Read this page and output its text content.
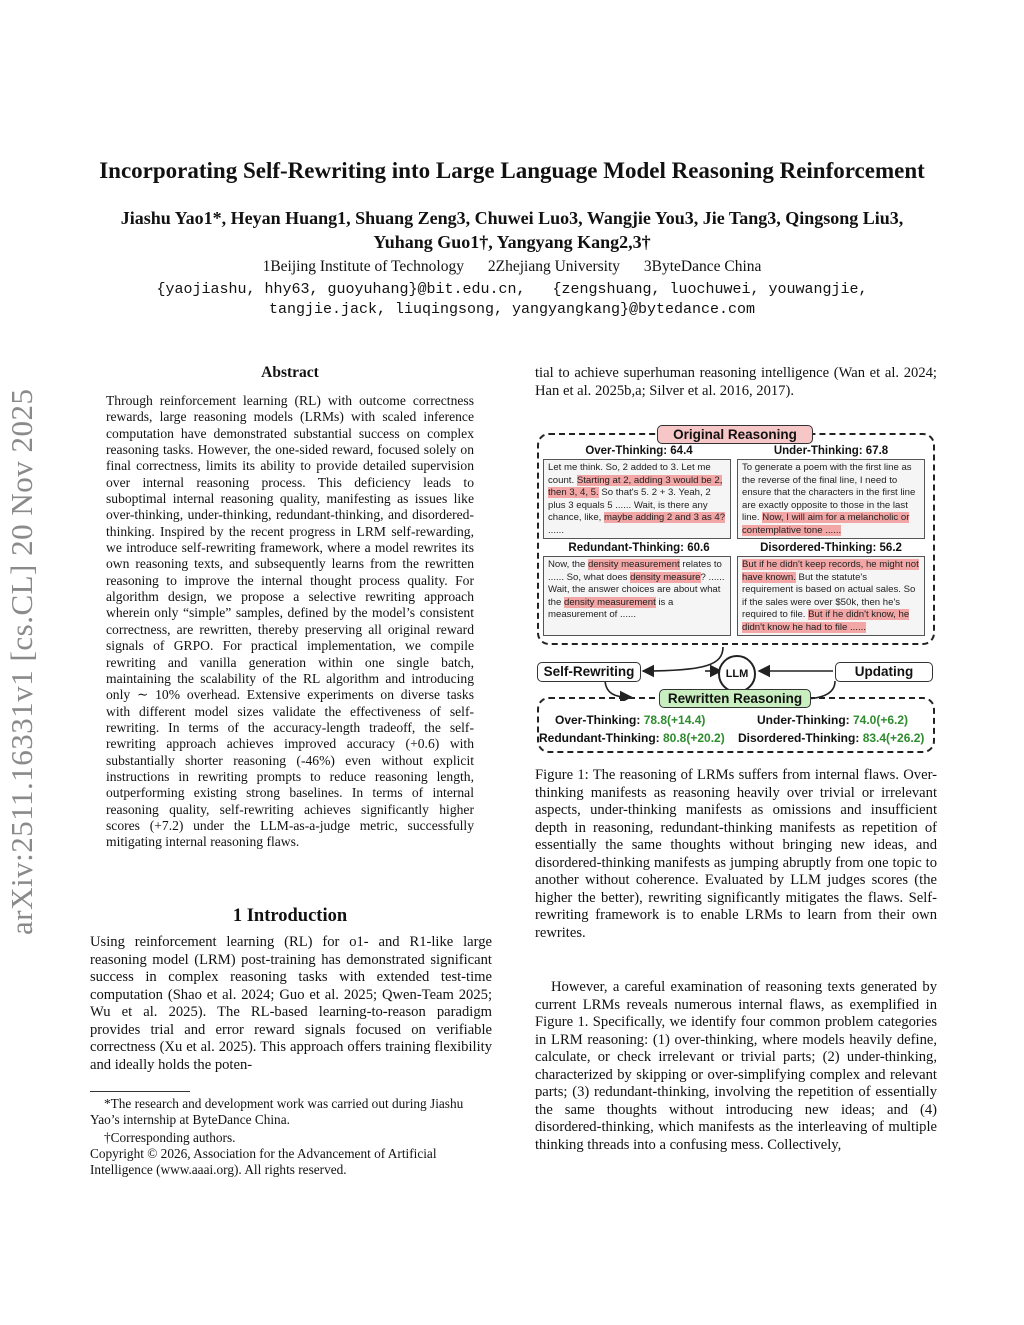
Incorporating Self-Rewriting into Large Language Model Reasoning Reinforcement
Jiashu Yao1*, Heyan Huang1, Shuang Zeng3, Chuwei Luo3, Wangjie You3, Jie Tang3, Qingsong Liu3,
Yuhang Guo1†, Yangyang Kang2,3†
1Beijing Institute of Technology 2Zhejiang University 3ByteDance China
{yaojiashu, hhy63, guoyuhang}@bit.edu.cn,   {zengshuang, luochuwei, youwangjie,
tangjie.jack, liuqingsong, yangyangkang}@bytedance.com
arXiv:2511.16331v1 [cs.CL] 20 Nov 2025
Abstract
Through reinforcement learning (RL) with outcome correctness rewards, large reasoning models (LRMs) with scaled inference computation have demonstrated substantial success on complex reasoning tasks. However, the one-sided reward, focused solely on final correctness, limits its ability to provide detailed supervision over internal reasoning process. This deficiency leads to suboptimal internal reasoning quality, manifesting as issues like over-thinking, under-thinking, redundant-thinking, and disordered-thinking. Inspired by the recent progress in LRM self-rewarding, we introduce self-rewriting framework, where a model rewrites its own reasoning texts, and subsequently learns from the rewritten reasoning to improve the internal thought process quality. For algorithm design, we propose a selective rewriting approach wherein only “simple” samples, defined by the model’s consistent correctness, are rewritten, thereby preserving all original reward signals of GRPO. For practical implementation, we compile rewriting and vanilla generation within one single batch, maintaining the scalability of the RL algorithm and introducing only ∼ 10% overhead. Extensive experiments on diverse tasks with different model sizes validate the effectiveness of self-rewriting. In terms of the accuracy-length tradeoff, the self-rewriting approach achieves improved accuracy (+0.6) with substantially shorter reasoning (-46%) even without explicit instructions in rewriting prompts to reduce reasoning length, outperforming existing strong baselines. In terms of internal reasoning quality, self-rewriting achieves significantly higher scores (+7.2) under the LLM-as-a-judge metric, successfully mitigating internal reasoning flaws.
1 Introduction
Using reinforcement learning (RL) for o1- and R1-like large reasoning model (LRM) post-training has demonstrated significant success in complex reasoning tasks with extended test-time computation (Shao et al. 2024; Guo et al. 2025; Qwen-Team 2025; Wu et al. 2025). The RL-based learning-to-reason paradigm provides trial and error reward signals focused on verifiable correctness (Xu et al. 2025). This approach offers training flexibility and ideally holds the poten-
*The research and development work was carried out during Jiashu Yao’s internship at ByteDance China.
†Corresponding authors.
Copyright © 2026, Association for the Advancement of Artificial Intelligence (www.aaai.org). All rights reserved.
tial to achieve superhuman reasoning intelligence (Wan et al. 2024; Han et al. 2025b,a; Silver et al. 2016, 2017).
Original Reasoning
Over-Thinking: 64.4	Under-Thinking: 67.8
Let me think. So, 2 added to 3. Let me count. Starting at 2, adding 3 would be 2, then 3, 4, 5. So that's 5. 2 + 3. Yeah, 2 plus 3 equals 5 ...... Wait, is there any chance, like, maybe adding 2 and 3 as 4? ......
To generate a poem with the first line as the reverse of the final line, I need to ensure that the characters in the first line are exactly opposite to those in the last line. Now, I will aim for a melancholic or contemplative tone ......
Redundant-Thinking: 60.6	Disordered-Thinking: 56.2
Now, the density measurement relates to ...... So, what does density measure? ...... Wait, the answer choices are about what the density measurement is a measurement of ......
But if he didn't keep records, he might not have known. But the statute's requirement is based on actual sales. So if the sales were over $50k, then he's required to file. But if he didn't know, he didn't know he had to file ......
Self-Rewriting	LLM	Updating
Rewritten Reasoning
Over-Thinking: 78.8(+14.4)	Under-Thinking: 74.0(+6.2)
Redundant-Thinking: 80.8(+20.2) Disordered-Thinking: 83.4(+26.2)
Figure 1: The reasoning of LRMs suffers from internal flaws. Over-thinking manifests as reasoning heavily over trivial or irrelevant aspects, under-thinking manifests as omissions and insufficient depth in reasoning, redundant-thinking manifests as repetition of essentially the same thoughts without bringing new ideas, and disordered-thinking manifests as jumping abruptly from one topic to another without coherence. Evaluated by LLM judges scores (the higher the better), rewriting significantly mitigates the flaws. Self-rewriting framework is to enable LRMs to learn from their own rewrites.
However, a careful examination of reasoning texts generated by current LRMs reveals numerous internal flaws, as exemplified in Figure 1. Specifically, we identify four common problem categories in LRM reasoning: (1) over-thinking, where models heavily define, calculate, or check irrelevant or trivial parts; (2) under-thinking, characterized by skipping or over-simplifying complex and relevant parts; (3) redundant-thinking, involving the repetition of essentially the same thoughts without introducing new ideas; and (4) disordered-thinking, which manifests as the interleaving of multiple thinking threads into a confusing mess. Collectively,
